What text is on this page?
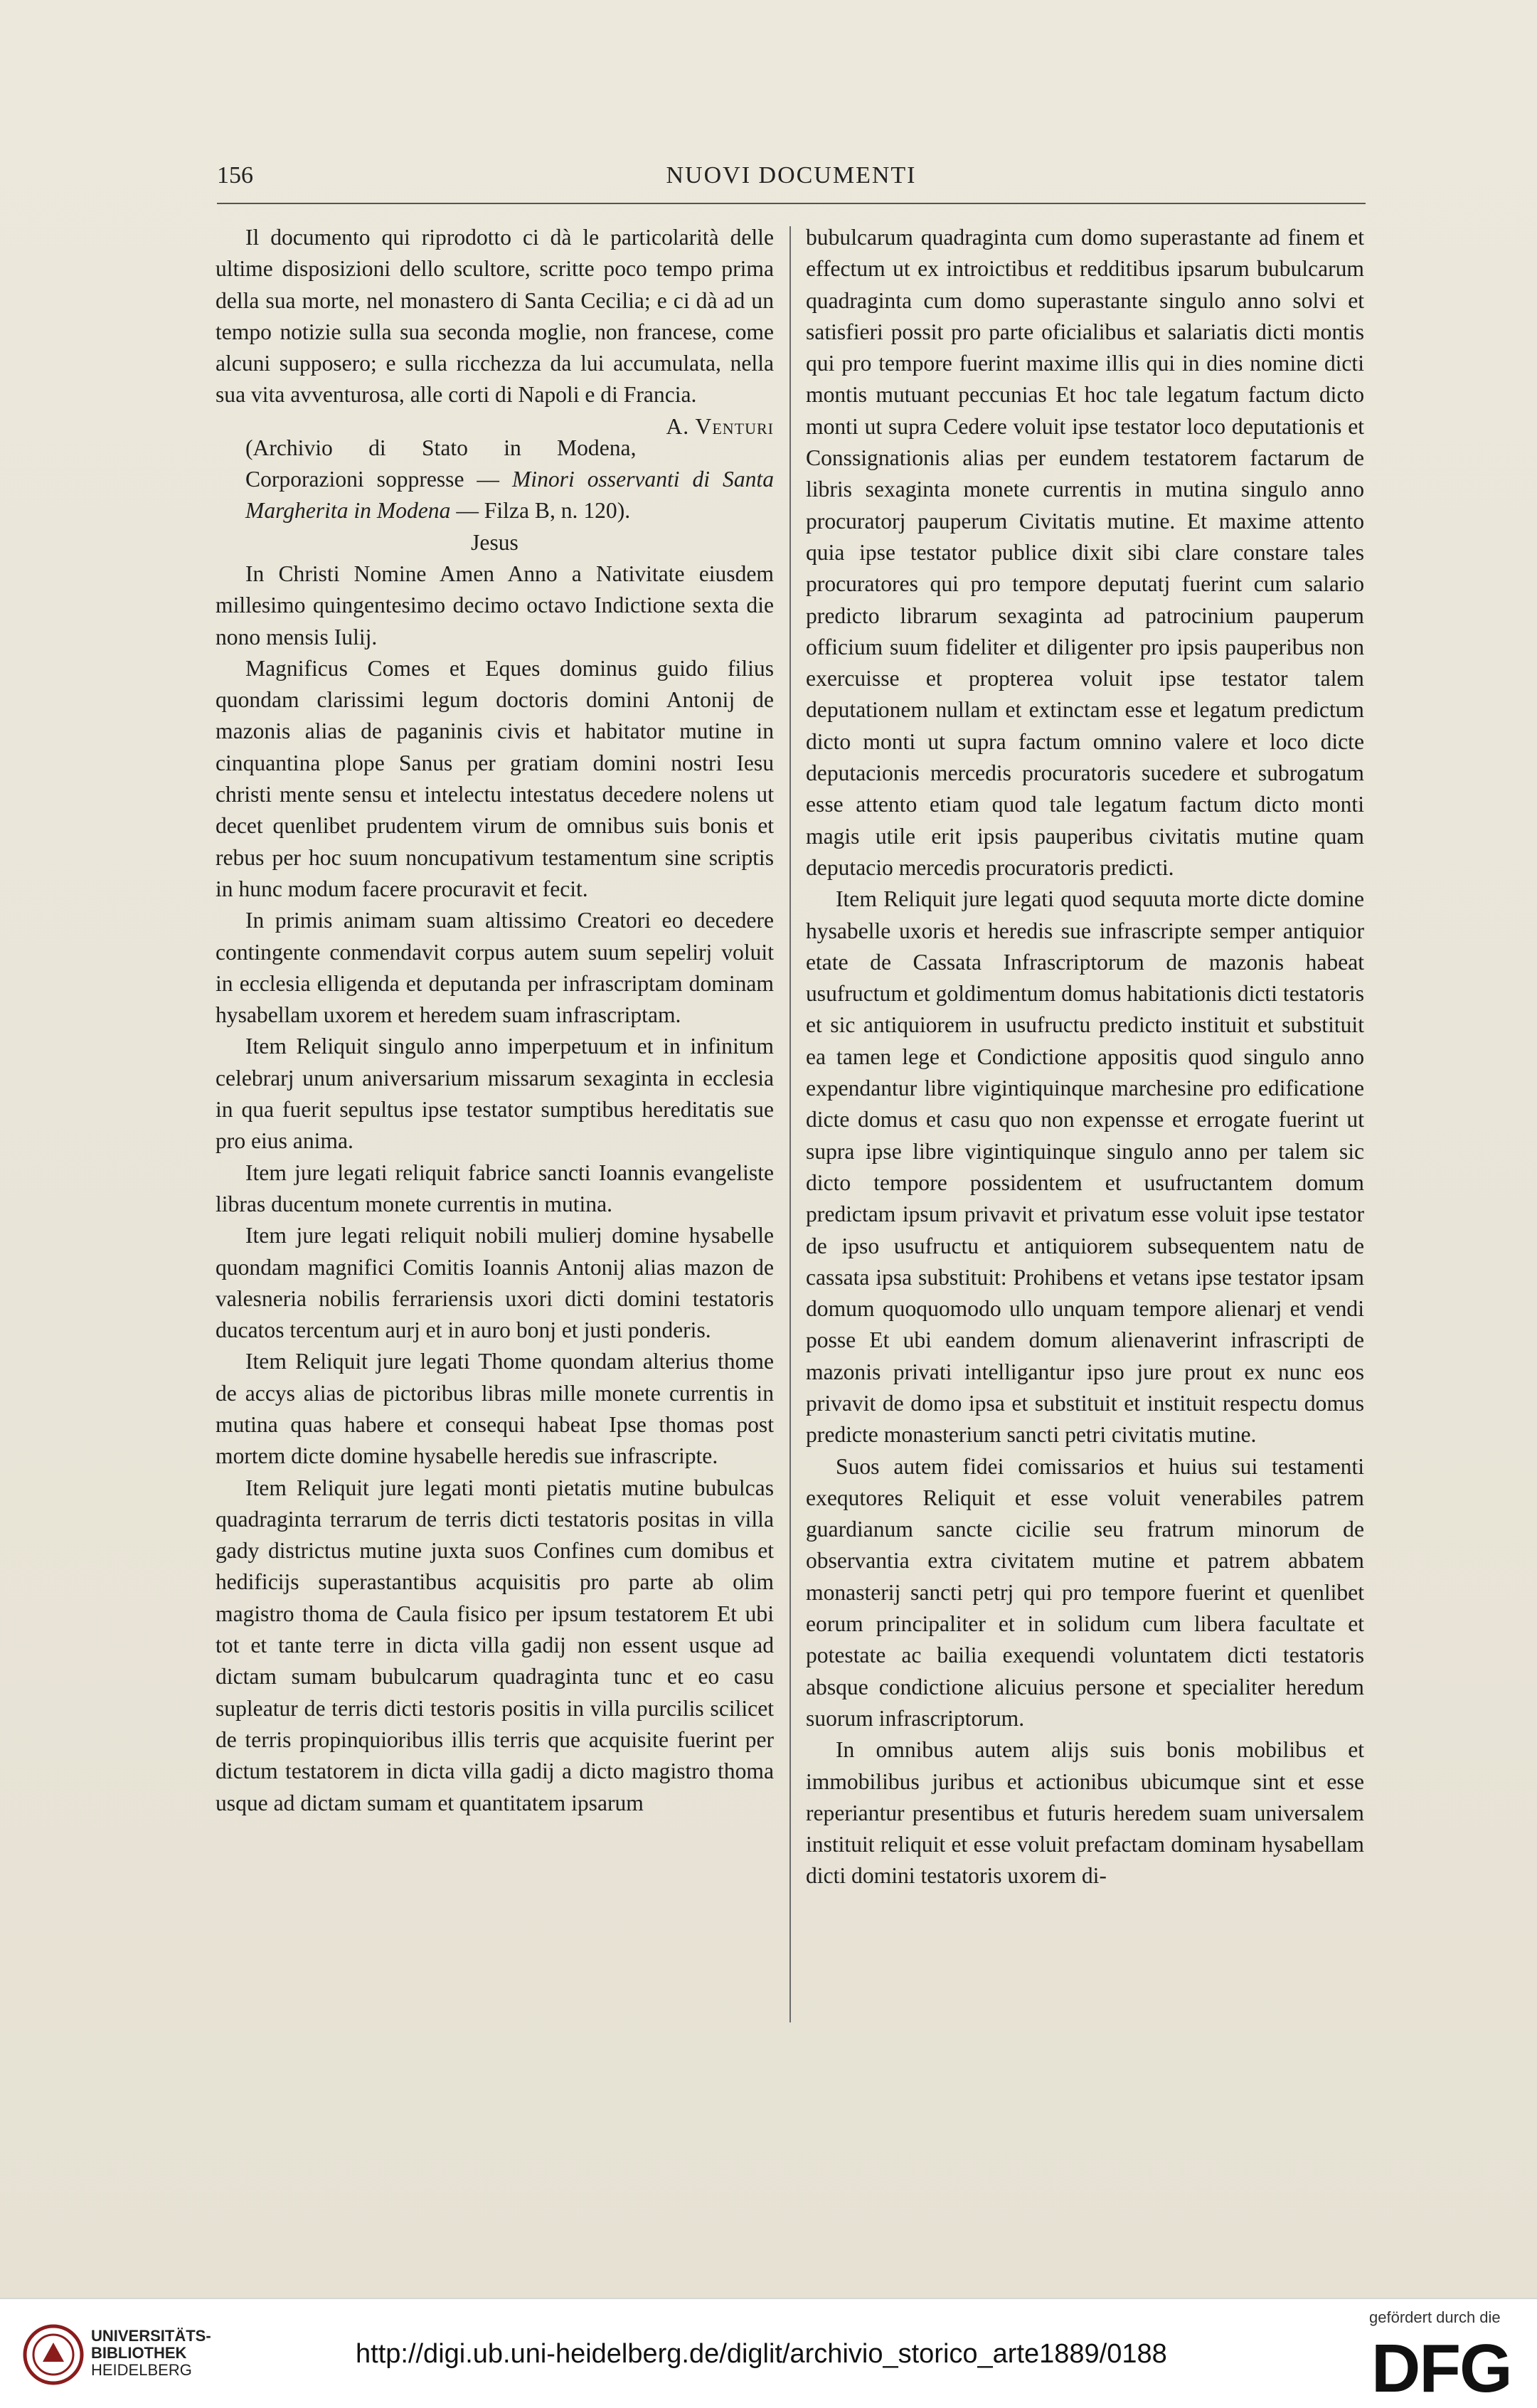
156	NUOVI DOCUMENTI

Il documento qui riprodotto ci dà le particolarità delle ultime disposizioni dello scultore, scritte poco tempo prima della sua morte, nel monastero di Santa Cecilia; e ci dà ad un tempo notizie sulla sua seconda moglie, non francese, come alcuni supposero; e sulla ricchezza da lui accumulata, nella sua vita avventurosa, alle corti di Napoli e di Francia.
A. Venturi

(Archivio di Stato in Modena, Corporazioni soppresse — Minori osservanti di Santa Margherita in Modena — Filza B, n. 120).

Jesus

In Christi Nomine Amen Anno a Nativitate eiusdem millesimo quingentesimo decimo octavo Indictione sexta die nono mensis Iulij.

Magnificus Comes et Eques dominus guido filius quondam clarissimi legum doctoris domini Antonij de mazonis alias de paganinis civis et habitator mutine in cinquantina plope Sanus per gratiam domini nostri Iesu christi mente sensu et intelectu intestatus decedere nolens ut decet quenlibet prudentem virum de omnibus suis bonis et rebus per hoc suum noncupativum testamentum sine scriptis in hunc modum facere procuravit et fecit.

In primis animam suam altissimo Creatori eo decedere contingente conmendavit corpus autem suum sepelirj voluit in ecclesia elligenda et deputanda per infrascriptam dominam hysabellam uxorem et heredem suam infrascriptam.

Item Reliquit singulo anno imperpetuum et in infinitum celebrarj unum aniversarium missarum sexaginta in ecclesia in qua fuerit sepultus ipse testator sumptibus hereditatis sue pro eius anima.

Item jure legati reliquit fabrice sancti Ioannis evangeliste libras ducentum monete currentis in mutina.

Item jure legati reliquit nobili mulierj domine hysabelle quondam magnifici Comitis Ioannis Antonij alias mazon de valesneria nobilis ferrariensis uxori dicti domini testatoris ducatos tercentum aurj et in auro bonj et justi ponderis.

Item Reliquit jure legati Thome quondam alterius thome de accys alias de pictoribus libras mille monete currentis in mutina quas habere et consequi habeat Ipse thomas post mortem dicte domine hysabelle heredis sue infrascripte.

Item Reliquit jure legati monti pietatis mutine bubulcas quadraginta terrarum de terris dicti testatoris positas in villa gady districtus mutine juxta suos Confines cum domibus et hedificijs superastantibus acquisitis pro parte ab olim magistro thoma de Caula fisico per ipsum testatorem Et ubi tot et tante terre in dicta villa gadij non essent usque ad dictam sumam bubulcarum quadraginta tunc et eo casu supleatur de terris dicti testoris positis in villa purcilis scilicet de terris propinquioribus illis terris que acquisite fuerint per dictum testatorem in dicta villa gadij a dicto magistro thoma usque ad dictam sumam et quantitatem ipsarum

bubulcarum quadraginta cum domo superastante ad finem et effectum ut ex introictibus et redditibus ipsarum bubulcarum quadraginta cum domo superastante singulo anno solvi et satisfieri possit pro parte oficialibus et salariatis dicti montis qui pro tempore fuerint maxime illis qui in dies nomine dicti montis mutuant peccunias Et hoc tale legatum factum dicto monti ut supra Cedere voluit ipse testator loco deputationis et Conssignationis alias per eundem testatorem factarum de libris sexaginta monete currentis in mutina singulo anno procuratorj pauperum Civitatis mutine. Et maxime attento quia ipse testator publice dixit sibi clare constare tales procuratores qui pro tempore deputatj fuerint cum salario predicto librarum sexaginta ad patrocinium pauperum officium suum fideliter et diligenter pro ipsis pauperibus non exercuisse et propterea voluit ipse testator talem deputationem nullam et extinctam esse et legatum predictum dicto monti ut supra factum omnino valere et loco dicte deputacionis mercedis procuratoris sucedere et subrogatum esse attento etiam quod tale legatum factum dicto monti magis utile erit ipsis pauperibus civitatis mutine quam deputacio mercedis procuratoris predicti.

Item Reliquit jure legati quod sequuta morte dicte domine hysabelle uxoris et heredis sue infrascripte semper antiquior etate de Cassata Infrascriptorum de mazonis habeat usufructum et goldimentum domus habitationis dicti testatoris et sic antiquiorem in usufructu predicto instituit et substituit ea tamen lege et Condictione appositis quod singulo anno expendantur libre vigintiquinque marchesine pro edificatione dicte domus et casu quo non expensse et errogate fuerint ut supra ipse libre vigintiquinque singulo anno per talem sic dicto tempore possidentem et usufructantem domum predictam ipsum privavit et privatum esse voluit ipse testator de ipso usufructu et antiquiorem subsequentem natu de cassata ipsa substituit: Prohibens et vetans ipse testator ipsam domum quoquomodo ullo unquam tempore alienarj et vendi posse Et ubi eandem domum alienaverint infrascripti de mazonis privati intelligantur ipso jure prout ex nunc eos privavit de domo ipsa et substituit et instituit respectu domus predicte monasterium sancti petri civitatis mutine.

Suos autem fidei comissarios et huius sui testamenti exequtores Reliquit et esse voluit venerabiles patrem guardianum sancte cicilie seu fratrum minorum de observantia extra civitatem mutine et patrem abbatem monasterij sancti petrj qui pro tempore fuerint et quenlibet eorum principaliter et in solidum cum libera facultate et potestate ac bailia exequendi voluntatem dicti testatoris absque condictione alicuius persone et specialiter heredum suorum infrascriptorum.

In omnibus autem alijs suis bonis mobilibus et immobilibus juribus et actionibus ubicumque sint et esse reperiantur presentibus et futuris heredem suam universalem instituit reliquit et esse voluit prefactam dominam hysabellam dicti domini testatoris uxorem di-

UNIVERSITÄTS-
BIBLIOTHEK
HEIDELBERG
http://digi.ub.uni-heidelberg.de/diglit/archivio_storico_arte1889/0188
gefördert durch die
DFG
